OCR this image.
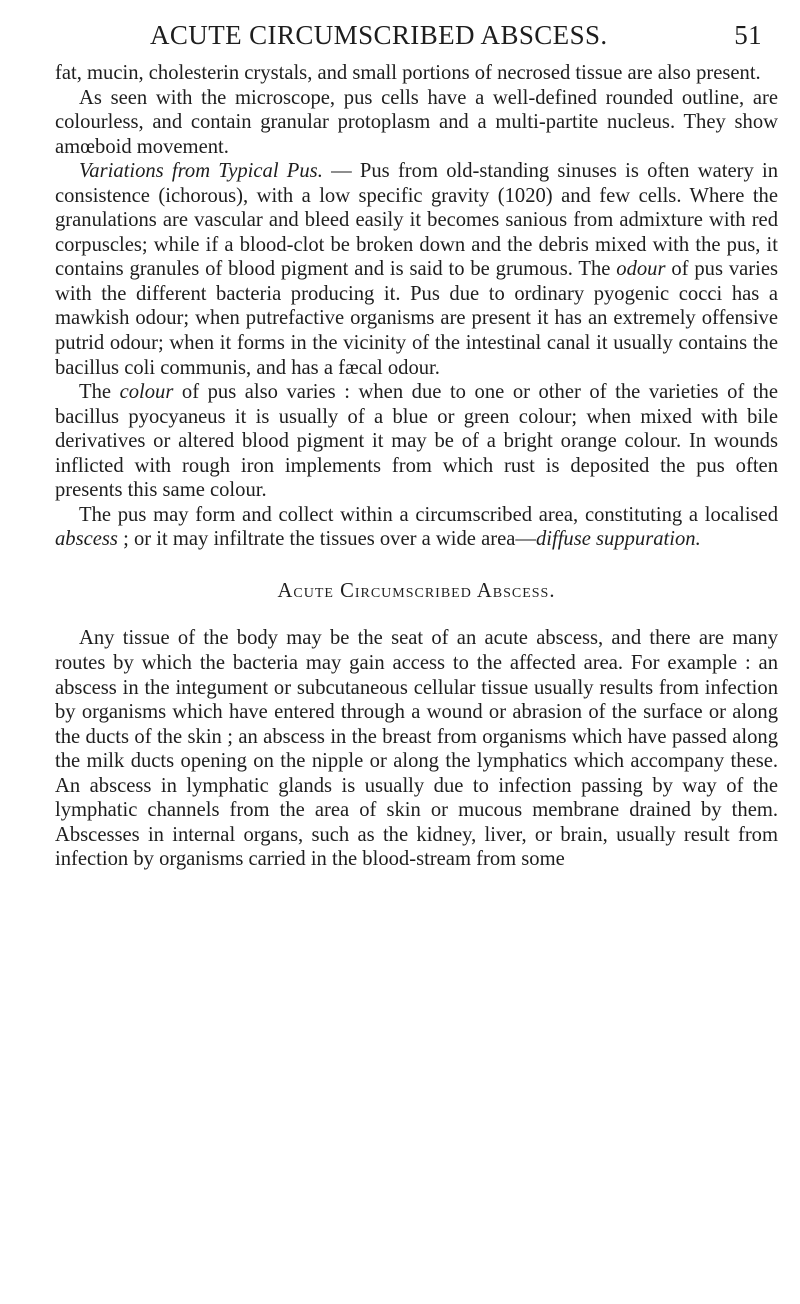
ACUTE CIRCUMSCRIBED ABSCESS.	51

fat, mucin, cholesterin crystals, and small portions of necrosed tissue are also present.

As seen with the microscope, pus cells have a well-defined rounded outline, are colourless, and contain granular protoplasm and a multi-partite nucleus. They show amœboid movement.

Variations from Typical Pus. — Pus from old-standing sinuses is often watery in consistence (ichorous), with a low specific gravity (1020) and few cells. Where the granulations are vascular and bleed easily it becomes sanious from admixture with red corpuscles; while if a blood-clot be broken down and the debris mixed with the pus, it contains granules of blood pigment and is said to be grumous. The odour of pus varies with the different bacteria producing it. Pus due to ordinary pyogenic cocci has a mawkish odour; when putrefactive organisms are present it has an extremely offensive putrid odour; when it forms in the vicinity of the intestinal canal it usually contains the bacillus coli communis, and has a fæcal odour.

The colour of pus also varies : when due to one or other of the varieties of the bacillus pyocyaneus it is usually of a blue or green colour; when mixed with bile derivatives or altered blood pigment it may be of a bright orange colour. In wounds inflicted with rough iron implements from which rust is deposited the pus often presents this same colour.

The pus may form and collect within a circumscribed area, constituting a localised abscess ; or it may infiltrate the tissues over a wide area—diffuse suppuration.

Acute Circumscribed Abscess.

Any tissue of the body may be the seat of an acute abscess, and there are many routes by which the bacteria may gain access to the affected area. For example : an abscess in the integument or subcutaneous cellular tissue usually results from infection by organisms which have entered through a wound or abrasion of the surface or along the ducts of the skin ; an abscess in the breast from organisms which have passed along the milk ducts opening on the nipple or along the lymphatics which accompany these. An abscess in lymphatic glands is usually due to infection passing by way of the lymphatic channels from the area of skin or mucous membrane drained by them. Abscesses in internal organs, such as the kidney, liver, or brain, usually result from infection by organisms carried in the blood-stream from some
